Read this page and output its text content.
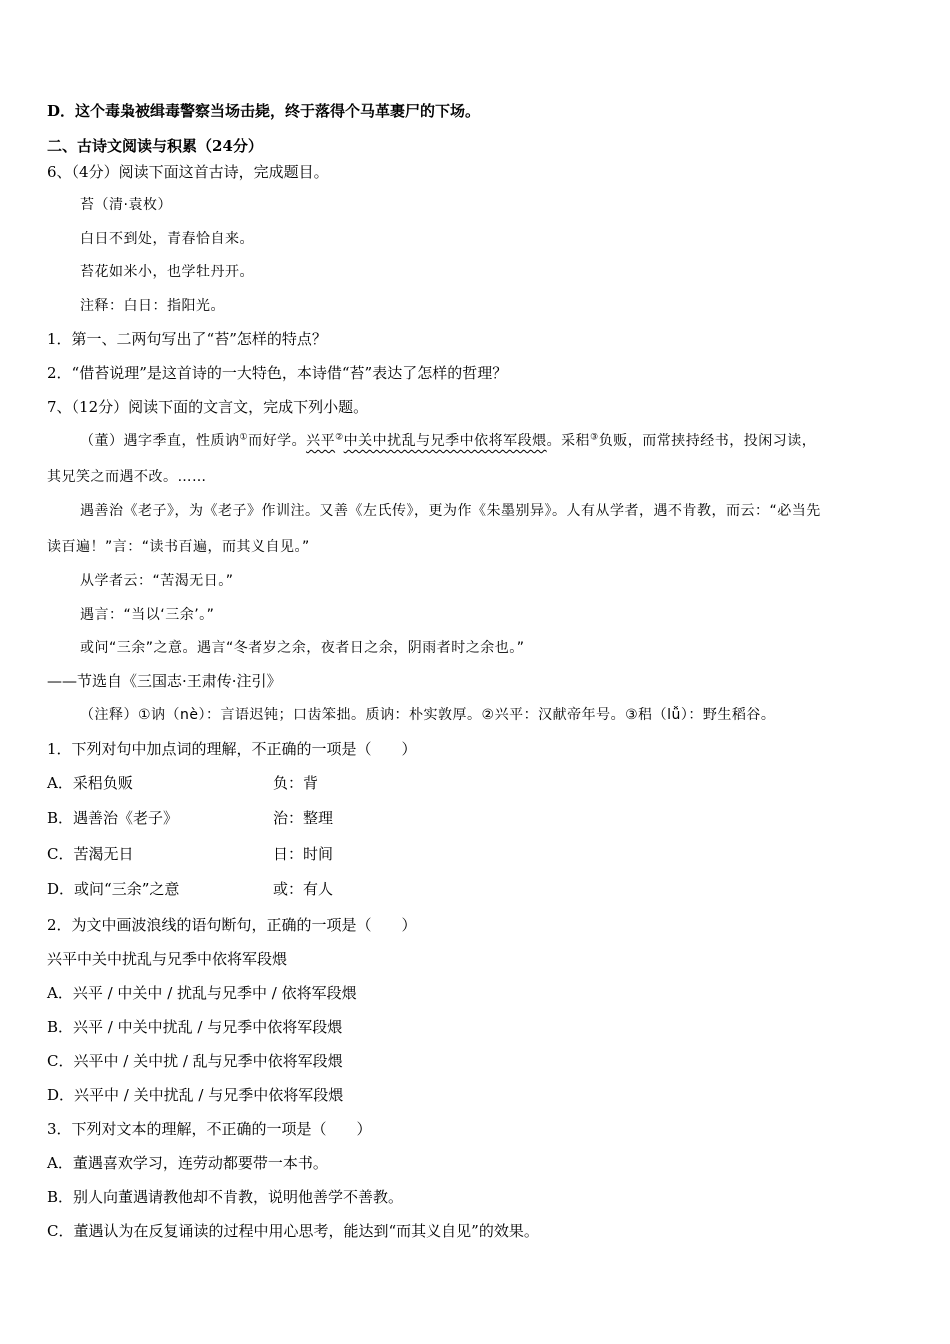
D．这个毒枭被缉毒警察当场击毙，终于落得个马革裹尸的下场。
二、古诗文阅读与积累（24分）
6、（4分）阅读下面这首古诗，完成题目。
苔（清·袁枚）
白日不到处，青春恰自来。
苔花如米小，也学牡丹开。
注释：白日：指阳光。
1．第一、二两句写出了“苔”怎样的特点？
2．“借苔说理”是这首诗的一大特色，本诗借“苔”表达了怎样的哲理？
7、（12分）阅读下面的文言文，完成下列小题。
（董）遇字季直，性质讷①而好学。兴平②中关中扰乱与兄季中依将军段煨。采稆③负贩，而常挟持经书，投闲习读，
其兄笑之而遇不改。……
遇善治《老子》，为《老子》作训注。又善《左氏传》，更为作《朱墨别异》。人有从学者，遇不肯教，而云：“必当先
读百遍！”言：“读书百遍，而其义自见。”
从学者云：“苦渴无日。”
遇言：“当以‘三余’。”
或问“三余”之意。遇言“冬者岁之余，夜者日之余，阴雨者时之余也。”
——节选自《三国志·王肃传·注引》
（注释）①讷（nè）：言语迟钝；口齿笨拙。质讷：朴实敦厚。②兴平：汉献帝年号。③稆（lǚ）：野生稻谷。
1．下列对句中加点词的理解，不正确的一项是（　　）
A．采稆负贩	负：背
B．遇善治《老子》	治：整理
C．苦渴无日	日：时间
D．或问“三余”之意	或：有人
2．为文中画波浪线的语句断句，正确的一项是（　　）
兴平中关中扰乱与兄季中依将军段煨
A．兴平 / 中关中 / 扰乱与兄季中 / 依将军段煨
B．兴平 / 中关中扰乱 / 与兄季中依将军段煨
C．兴平中 / 关中扰 / 乱与兄季中依将军段煨
D．兴平中 / 关中扰乱 / 与兄季中依将军段煨
3．下列对文本的理解，不正确的一项是（　　）
A．董遇喜欢学习，连劳动都要带一本书。
B．别人向董遇请教他却不肯教，说明他善学不善教。
C．董遇认为在反复诵读的过程中用心思考，能达到“而其义自见”的效果。
